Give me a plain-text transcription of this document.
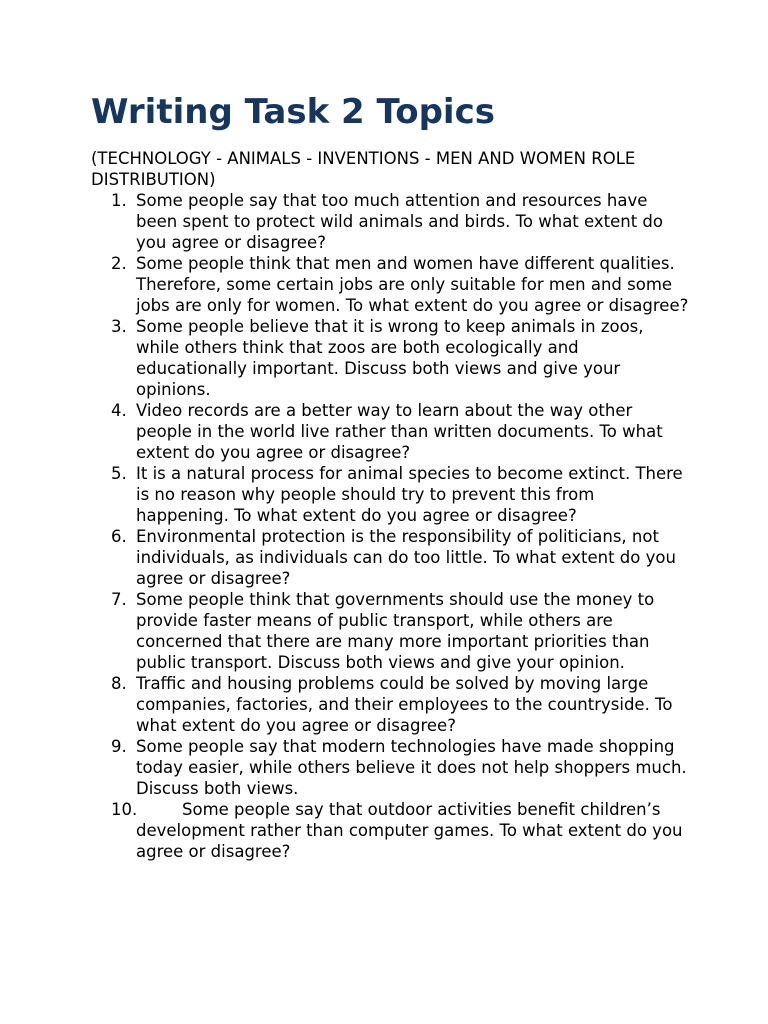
Writing Task 2 Topics

(TECHNOLOGY - ANIMALS - INVENTIONS - MEN AND WOMEN ROLE DISTRIBUTION)

1. Some people say that too much attention and resources have been spent to protect wild animals and birds. To what extent do you agree or disagree?
2. Some people think that men and women have different qualities. Therefore, some certain jobs are only suitable for men and some jobs are only for women. To what extent do you agree or disagree?
3. Some people believe that it is wrong to keep animals in zoos, while others think that zoos are both ecologically and educationally important. Discuss both views and give your opinions.
4. Video records are a better way to learn about the way other people in the world live rather than written documents. To what extent do you agree or disagree?
5. It is a natural process for animal species to become extinct. There is no reason why people should try to prevent this from happening. To what extent do you agree or disagree?
6. Environmental protection is the responsibility of politicians, not individuals, as individuals can do too little. To what extent do you agree or disagree?
7. Some people think that governments should use the money to provide faster means of public transport, while others are concerned that there are many more important priorities than public transport. Discuss both views and give your opinion.
8. Traffic and housing problems could be solved by moving large companies, factories, and their employees to the countryside. To what extent do you agree or disagree?
9. Some people say that modern technologies have made shopping today easier, while others believe it does not help shoppers much. Discuss both views.
10.	Some people say that outdoor activities benefit children’s development rather than computer games. To what extent do you agree or disagree?
